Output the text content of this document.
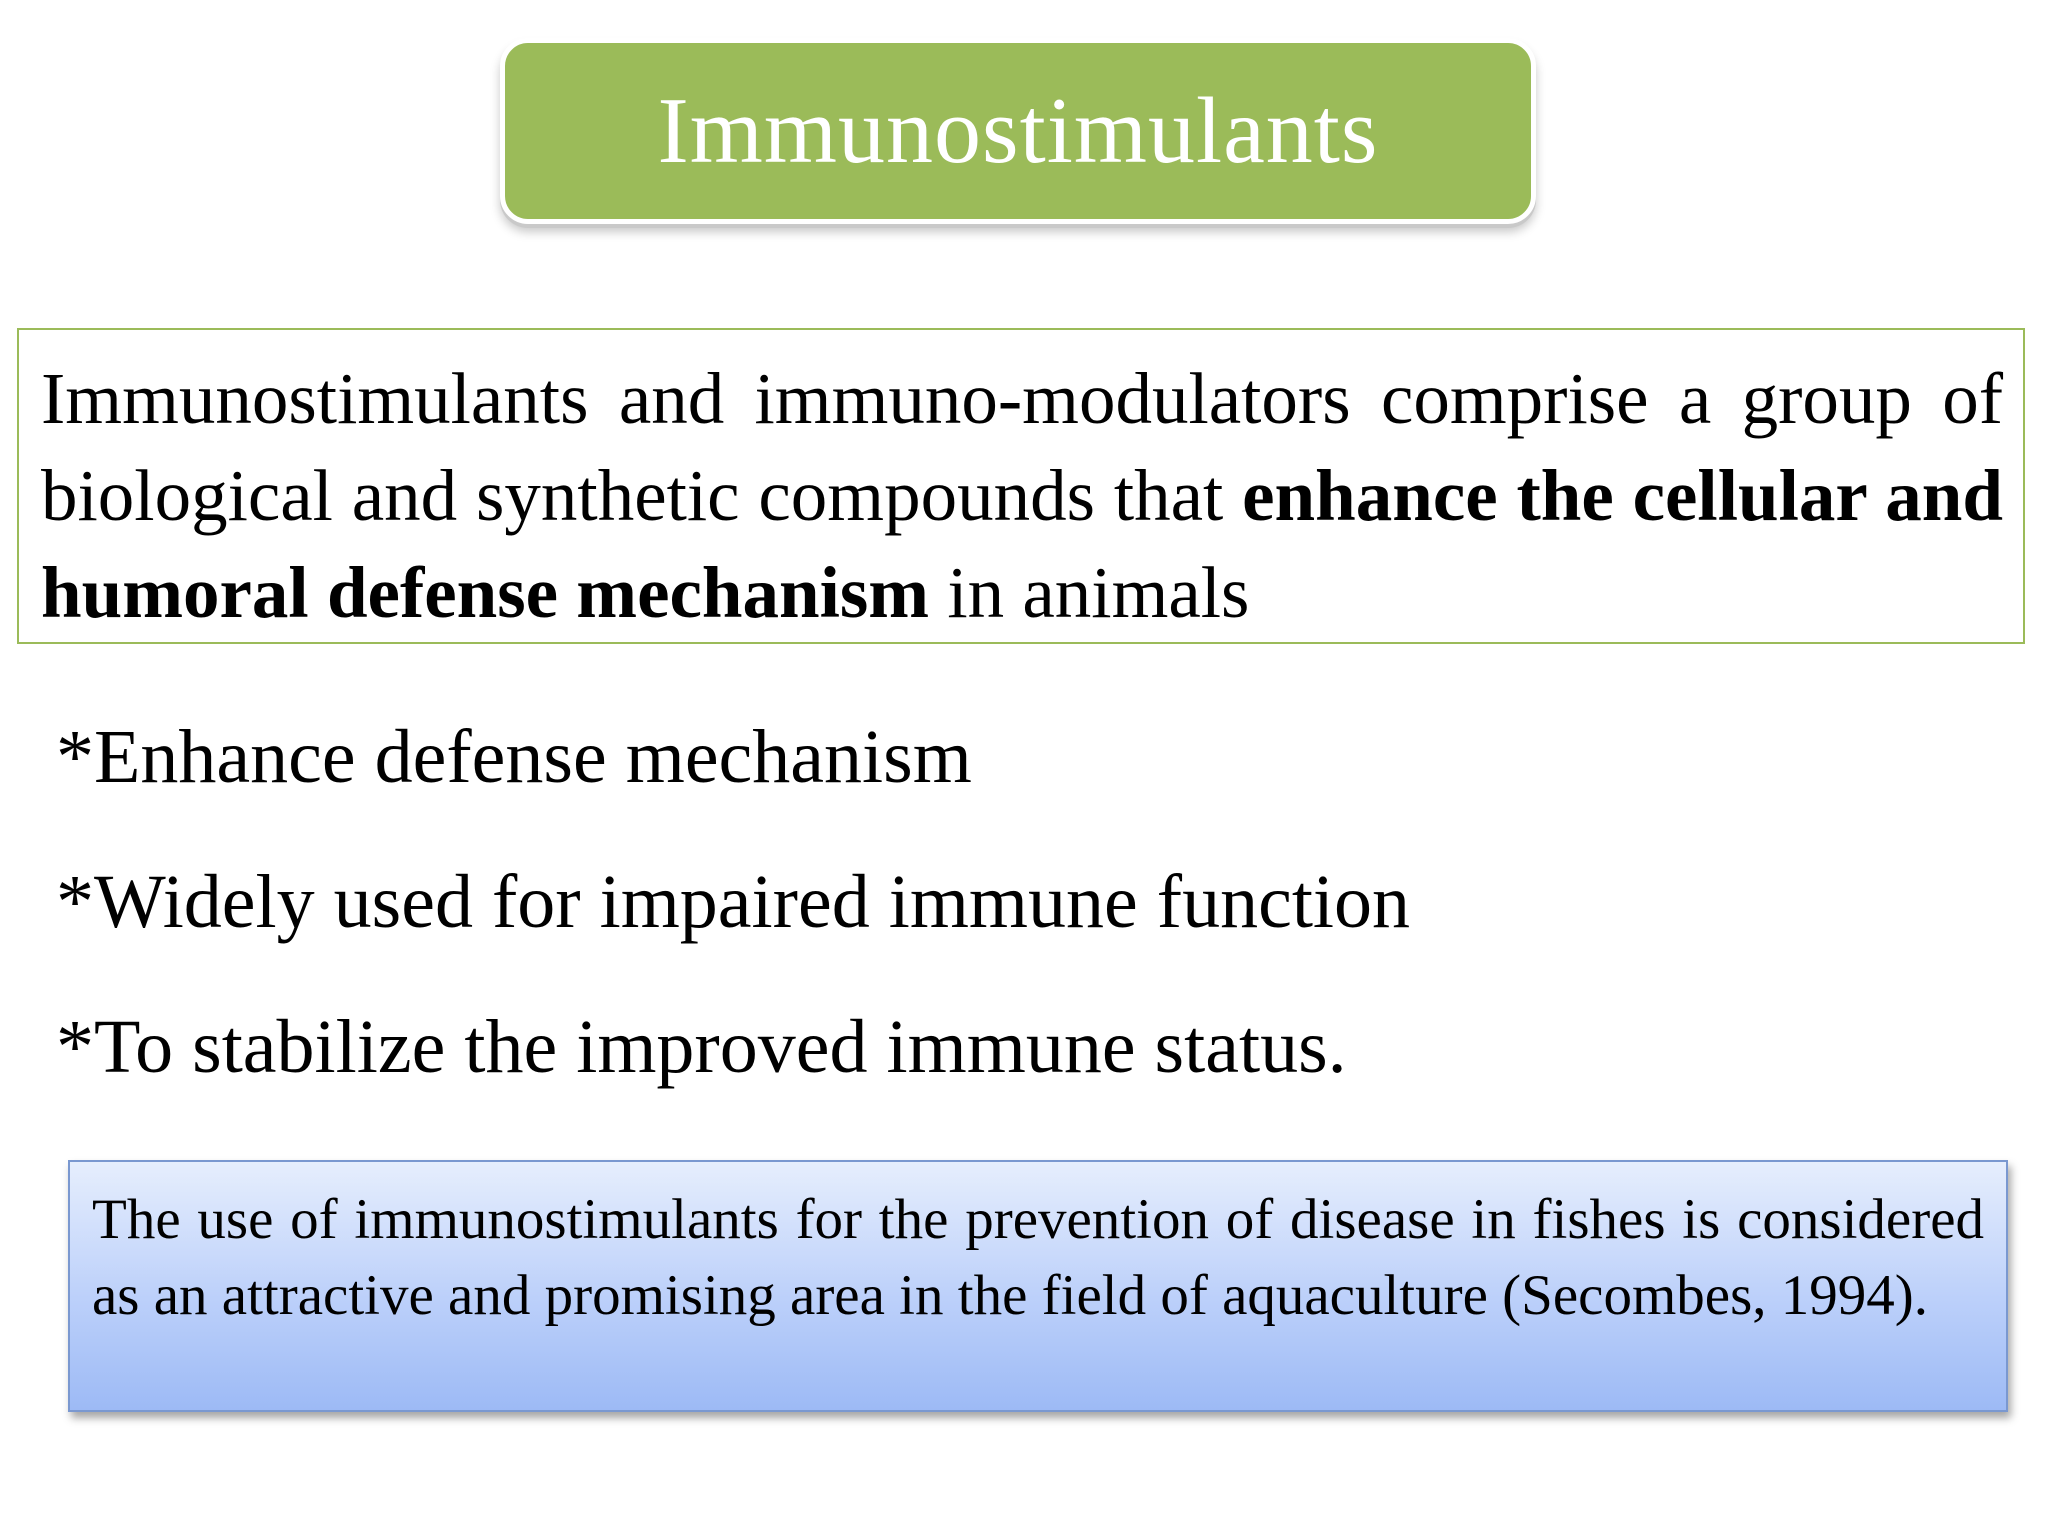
Immunostimulants

Immunostimulants and immuno-modulators comprise a group of biological and synthetic compounds that enhance the cellular and humoral defense mechanism in animals

*Enhance defense mechanism
*Widely used for impaired immune function
*To stabilize the improved immune status.

The use of immunostimulants for the prevention of disease in fishes is considered as an attractive and promising area in the field of aquaculture (Secombes, 1994).
